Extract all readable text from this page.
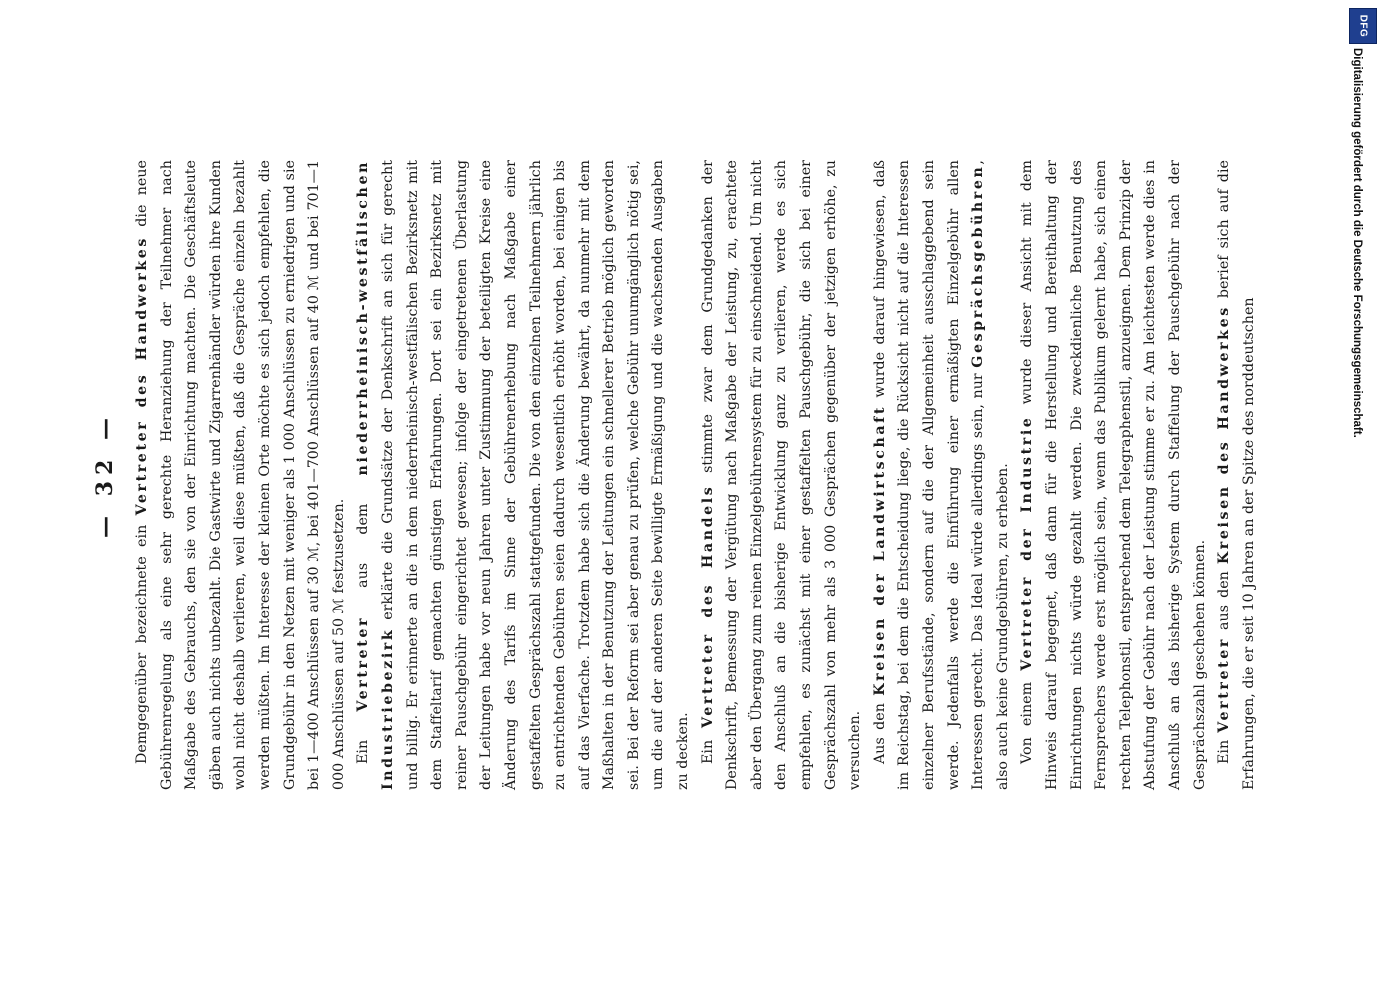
— 32 —

Demgegenüber bezeichnete ein Vertreter des Handwerkes die neue Gebührenregelung als eine sehr gerechte Heranziehung der Teilnehmer nach Maßgabe des Gebrauchs, den sie von der Einrichtung machten. Die Geschäftsleute gäben auch nichts unbezahlt. Die Gastwirte und Zigarrenhändler würden ihre Kunden wohl nicht deshalb verlieren, weil diese müßten, daß die Gespräche einzeln bezahlt werden müßten. Im Interesse der kleinen Orte möchte es sich jedoch empfehlen, die Grundgebühr in den Netzen mit weniger als 1 000 Anschlüssen zu erniedrigen und sie bei 1—400 Anschlüssen auf 30 ℳ, bei 401—700 Anschlüssen auf 40 ℳ und bei 701—1 000 Anschlüssen auf 50 ℳ festzusetzen. Ein Vertreter aus dem niederrheinisch-westfälischen Industriebezirk erklärte die Grundsätze der Denkschrift an sich für gerecht und billig. Er erinnerte an die in dem niederrheinisch-westfälischen Bezirksnetz mit dem Staffeltarif gemachten günstigen Erfahrungen. Dort sei ein Bezirksnetz mit reiner Pauschgebühr eingerichtet gewesen; infolge der eingetretenen Überlastung der Leitungen habe vor neun Jahren unter Zustimmung der beteiligten Kreise eine Änderung des Tarifs im Sinne der Gebührenerhebung nach Maßgabe einer gestaffelten Gesprächszahl stattgefunden. Die von den einzelnen Teilnehmern jährlich zu entrichtenden Gebühren seien dadurch wesentlich erhöht worden, bei einigen bis auf das Vierfache. Trotzdem habe sich die Änderung bewährt, da nunmehr mit dem Maßhalten in der Benutzung der Leitungen ein schnellerer Betrieb möglich geworden sei. Bei der Reform sei aber genau zu prüfen, welche Gebühr unumgänglich nötig sei, um die auf der anderen Seite bewilligte Ermäßigung und die wachsenden Ausgaben zu decken. Ein Vertreter des Handels stimmte zwar dem Grundgedanken der Denkschrift, Bemessung der Vergütung nach Maßgabe der Leistung, zu, erachtete aber den Übergang zum reinen Einzelgebührensystem für zu einschneidend. Um nicht den Anschluß an die bisherige Entwicklung ganz zu verlieren, werde es sich empfehlen, es zunächst mit einer gestaffelten Pauschgebühr, die sich bei einer Gesprächszahl von mehr als 3 000 Gesprächen gegenüber der jetzigen erhöhe, zu versuchen. Aus den Kreisen der Landwirtschaft wurde darauf hingewiesen, daß im Reichstag, bei dem die Entscheidung liege, die Rücksicht nicht auf die Interessen einzelner Berufsstände, sondern auf die der Allgemeinheit ausschlaggebend sein werde. Jedenfalls werde die Einführung einer ermäßigten Einzelgebühr allen Interessen gerecht. Das Ideal würde allerdings sein, nur Gesprächsgebühren, also auch keine Grundgebühren, zu erheben. Von einem Vertreter der Industrie wurde dieser Ansicht mit dem Hinweis darauf begegnet, daß dann für die Herstellung und Bereithaltung der Einrichtungen nichts würde gezahlt werden. Die zweckdienliche Benutzung des Fernsprechers werde erst möglich sein, wenn das Publikum gelernt habe, sich einen rechten Telephonstil, entsprechend dem Telegraphenstil, anzueignen. Dem Prinzip der Abstufung der Gebühr nach der Leistung stimme er zu. Am leichtesten werde dies in Anschluß an das bisherige System durch Staffelung der Pauschgebühr nach der Gesprächszahl geschehen können. Ein Vertreter aus den Kreisen des Handwerkes berief sich auf die Erfahrungen, die er seit 10 Jahren an der Spitze des norddeutschen

DFG
Digitalisierung gefördert durch die Deutsche Forschungsgemeinschaft.
